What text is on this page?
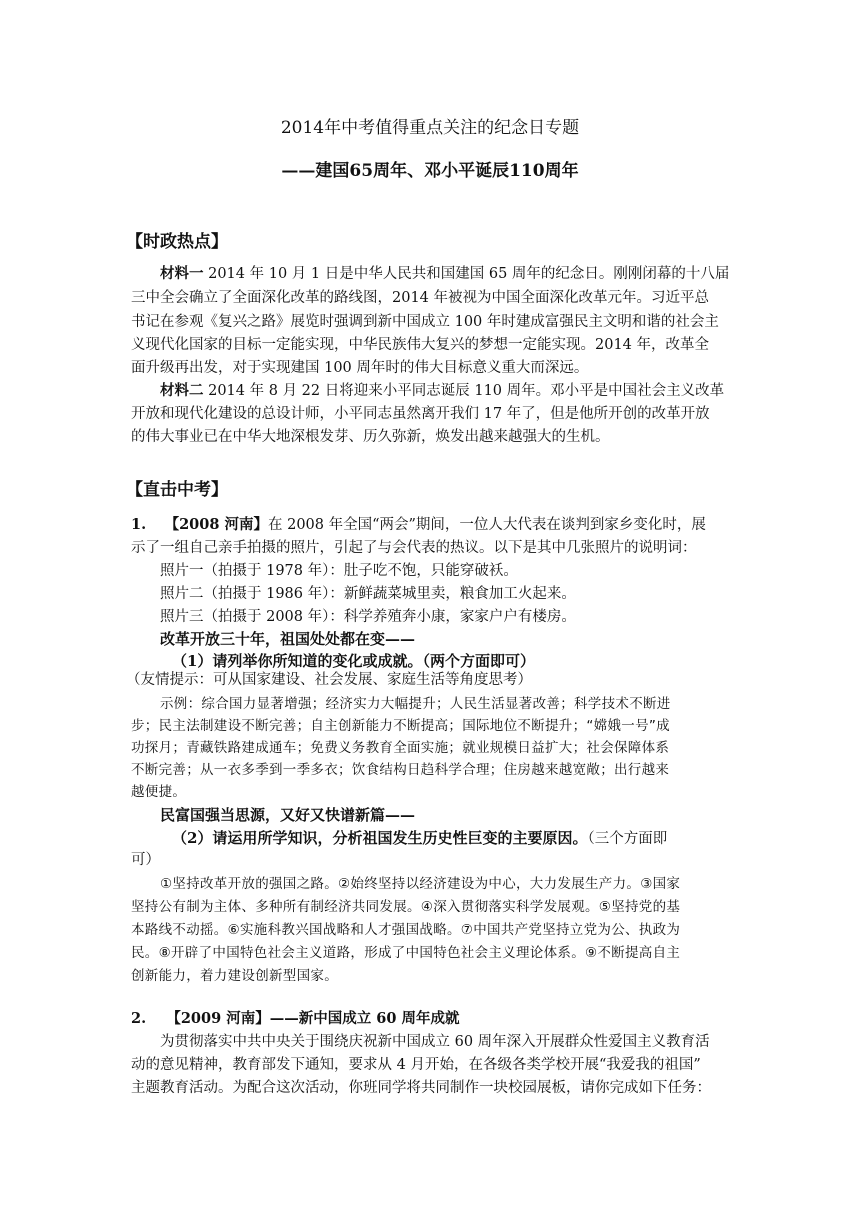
2014年中考值得重点关注的纪念日专题
——建国65周年、邓小平诞辰110周年
【时政热点】
材料一 2014 年 10 月 1 日是中华人民共和国建国 65 周年的纪念日。刚刚闭幕的十八届
三中全会确立了全面深化改革的路线图，2014 年被视为中国全面深化改革元年。习近平总
书记在参观《复兴之路》展览时强调到新中国成立 100 年时建成富强民主文明和谐的社会主
义现代化国家的目标一定能实现，中华民族伟大复兴的梦想一定能实现。2014 年，改革全
面升级再出发，对于实现建国 100 周年时的伟大目标意义重大而深远。
材料二 2014 年 8 月 22 日将迎来小平同志诞辰 110 周年。邓小平是中国社会主义改革
开放和现代化建设的总设计师，小平同志虽然离开我们 17 年了，但是他所开创的改革开放
的伟大事业已在中华大地深根发芽、历久弥新，焕发出越来越强大的生机。
【直击中考】
1. 【2008 河南】在 2008 年全国“两会”期间，一位人大代表在谈判到家乡变化时，展
示了一组自己亲手拍摄的照片，引起了与会代表的热议。以下是其中几张照片的说明词：
照片一（拍摄于 1978 年）：肚子吃不饱，只能穿破袄。
照片二（拍摄于 1986 年）：新鲜蔬菜城里卖，粮食加工火起来。
照片三（拍摄于 2008 年）：科学养殖奔小康，家家户户有楼房。
改革开放三十年，祖国处处都在变——
（1）请列举你所知道的变化或成就。（两个方面即可）
（友情提示：可从国家建设、社会发展、家庭生活等角度思考）
示例：综合国力显著增强；经济实力大幅提升；人民生活显著改善；科学技术不断进
步；民主法制建设不断完善；自主创新能力不断提高；国际地位不断提升；“嫦娥一号”成
功探月；青藏铁路建成通车；免费义务教育全面实施；就业规模日益扩大；社会保障体系
不断完善；从一衣多季到一季多衣；饮食结构日趋科学合理；住房越来越宽敞；出行越来
越便捷。
民富国强当思源，又好又快谱新篇——
（2）请运用所学知识，分析祖国发生历史性巨变的主要原因。（三个方面即
可）
①坚持改革开放的强国之路。②始终坚持以经济建设为中心，大力发展生产力。③国家
坚持公有制为主体、多种所有制经济共同发展。④深入贯彻落实科学发展观。⑤坚持党的基
本路线不动摇。⑥实施科教兴国战略和人才强国战略。⑦中国共产党坚持立党为公、执政为
民。⑧开辟了中国特色社会主义道路，形成了中国特色社会主义理论体系。⑨不断提高自主
创新能力，着力建设创新型国家。
2. 【2009 河南】——新中国成立 60 周年成就
为贯彻落实中共中央关于围绕庆祝新中国成立 60 周年深入开展群众性爱国主义教育活
动的意见精神，教育部发下通知，要求从 4 月开始，在各级各类学校开展“我爱我的祖国”
主题教育活动。为配合这次活动，你班同学将共同制作一块校园展板，请你完成如下任务：
